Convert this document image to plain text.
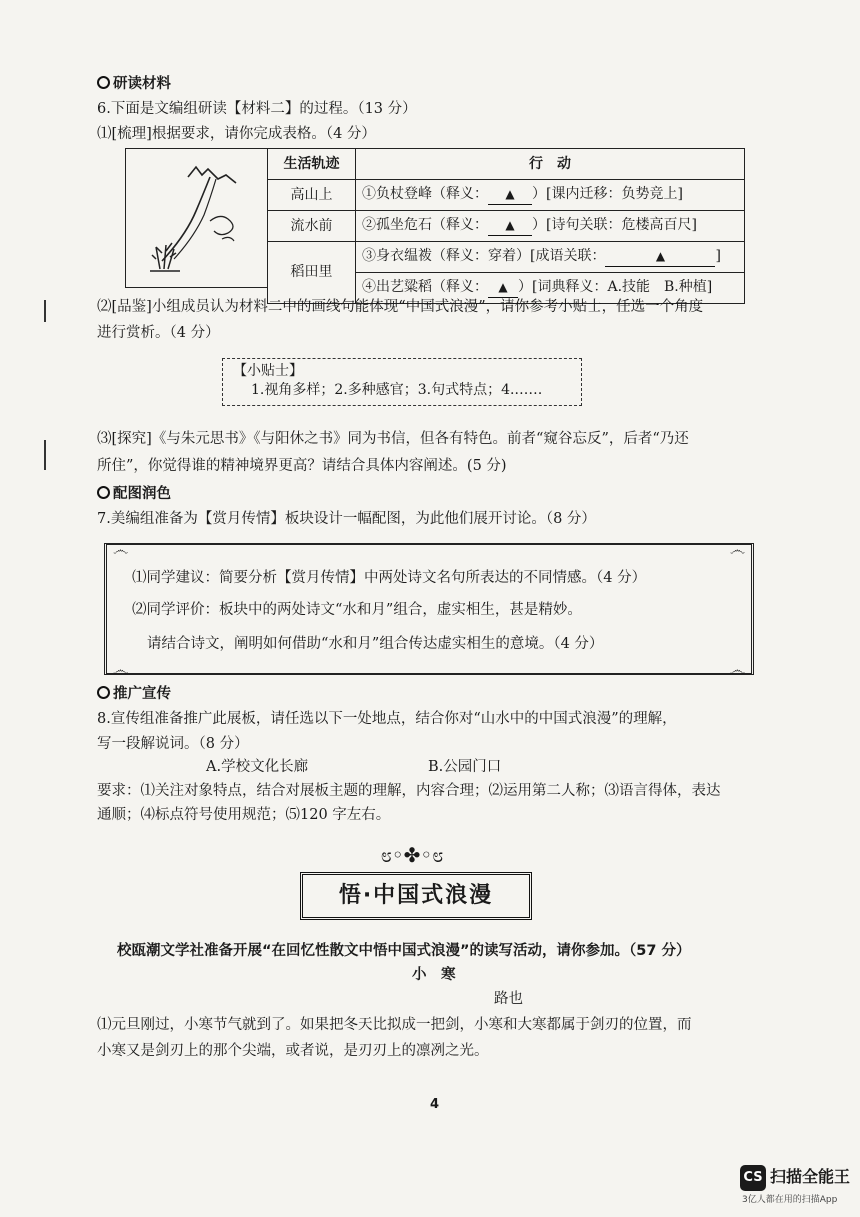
研读材料
6.下面是文编组研读【材料二】的过程。（13 分）
⑴[梳理]根据要求，请你完成表格。（4 分）
生活轨迹	行　动
高山上	①负杖登峰（释义： ▲ ）[课内迁移：负势竞上]
流水前	②孤坐危石（释义： ▲ ）[诗句关联：危楼高百尺]
稻田里	③身衣缊袯（释义：穿着）[成语关联： ▲ ]
	④出艺粱稻（释义： ▲ ）[词典释义：A.技能　B.种植]
⑵[品鉴]小组成员认为材料二中的画线句能体现“中国式浪漫”，请你参考小贴士，任选一个角度
进行赏析。（4 分）
【小贴士】
1.视角多样；2.多种感官；3.句式特点；4.……
⑶[探究]《与朱元思书》《与阳休之书》同为书信，但各有特色。前者“窥谷忘反”，后者“乃还
所住”，你觉得谁的精神境界更高？请结合具体内容阐述。(5 分)
配图润色
7.美编组准备为【赏月传情】板块设计一幅配图，为此他们展开讨论。（8 分）
෴	෴
෴	෴
⑴同学建议：简要分析【赏月传情】中两处诗文名句所表达的不同情感。（4 分）
⑵同学评价：板块中的两处诗文“水和月”组合，虚实相生，甚是精妙。
请结合诗文，阐明如何借助“水和月”组合传达虚实相生的意境。（4 分）
推广宣传
8.宣传组准备推广此展板，请任选以下一处地点，结合你对“山水中的中国式浪漫”的理解，
写一段解说词。（8 分）
A.学校文化长廊	B.公园门口
要求：⑴关注对象特点，结合对展板主题的理解，内容合理；⑵运用第二人称；⑶语言得体，表达
通顺；⑷标点符号使用规范；⑸120 字左右。
೮◦✤◦೮
悟·中国式浪漫
校瓯潮文学社准备开展“在回忆性散文中悟中国式浪漫”的读写活动，请你参加。（57 分）
小　寒
路也
⑴元旦刚过，小寒节气就到了。如果把冬天比拟成一把剑，小寒和大寒都属于剑刃的位置，而
小寒又是剑刃上的那个尖端，或者说，是刃刃上的凛冽之光。
4
CS 扫描全能王
3亿人都在用的扫描App
